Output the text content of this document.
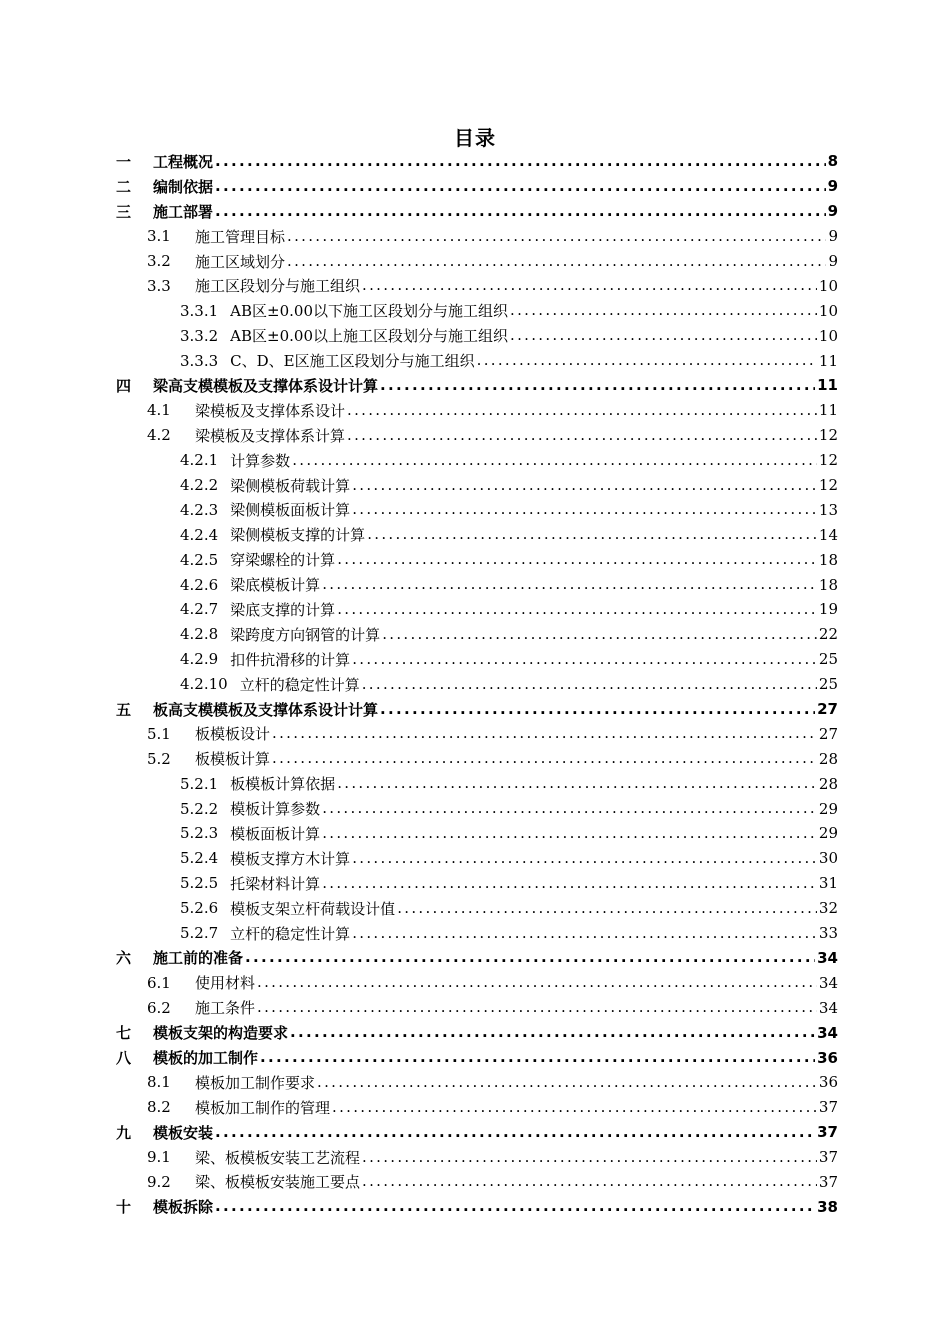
目录
一	工程概况 .....	8
二	编制依据 .....	9
三	施工部署 .....	9
3.1	施工管理目标 .....	9
3.2	施工区域划分 .....	9
3.3	施工区段划分与施工组织 .....	10
3.3.1 AB区±0.00以下施工区段划分与施工组织 .....	10
3.3.2 AB区±0.00以上施工区段划分与施工组织 .....	10
3.3.3 C、D、E区施工区段划分与施工组织 .....	11
四	梁高支模模板及支撑体系设计计算 .....	11
4.1	梁模板及支撑体系设计 .....	11
4.2	梁模板及支撑体系计算 .....	12
4.2.1 计算参数 .....	12
4.2.2 梁侧模板荷载计算 .....	12
4.2.3 梁侧模板面板计算 .....	13
4.2.4 梁侧模板支撑的计算 .....	14
4.2.5 穿梁螺栓的计算 .....	18
4.2.6 梁底模板计算 .....	18
4.2.7 梁底支撑的计算 .....	19
4.2.8 梁跨度方向钢管的计算 .....	22
4.2.9 扣件抗滑移的计算 .....	25
4.2.10 立杆的稳定性计算 .....	25
五	板高支模模板及支撑体系设计计算 .....	27
5.1	板模板设计 .....	27
5.2	板模板计算 .....	28
5.2.1 板模板计算依据 .....	28
5.2.2 模板计算参数 .....	29
5.2.3 模板面板计算 .....	29
5.2.4 模板支撑方木计算 .....	30
5.2.5 托梁材料计算 .....	31
5.2.6 模板支架立杆荷载设计值 .....	32
5.2.7 立杆的稳定性计算 .....	33
六	施工前的准备 .....	34
6.1	使用材料 .....	34
6.2	施工条件 .....	34
七	模板支架的构造要求 .....	34
八	模板的加工制作 .....	36
8.1	模板加工制作要求 .....	36
8.2	模板加工制作的管理 .....	37
九	模板安装 .....	37
9.1	梁、板模板安装工艺流程 .....	37
9.2	梁、板模板安装施工要点 .....	37
十	模板拆除 .....	38
